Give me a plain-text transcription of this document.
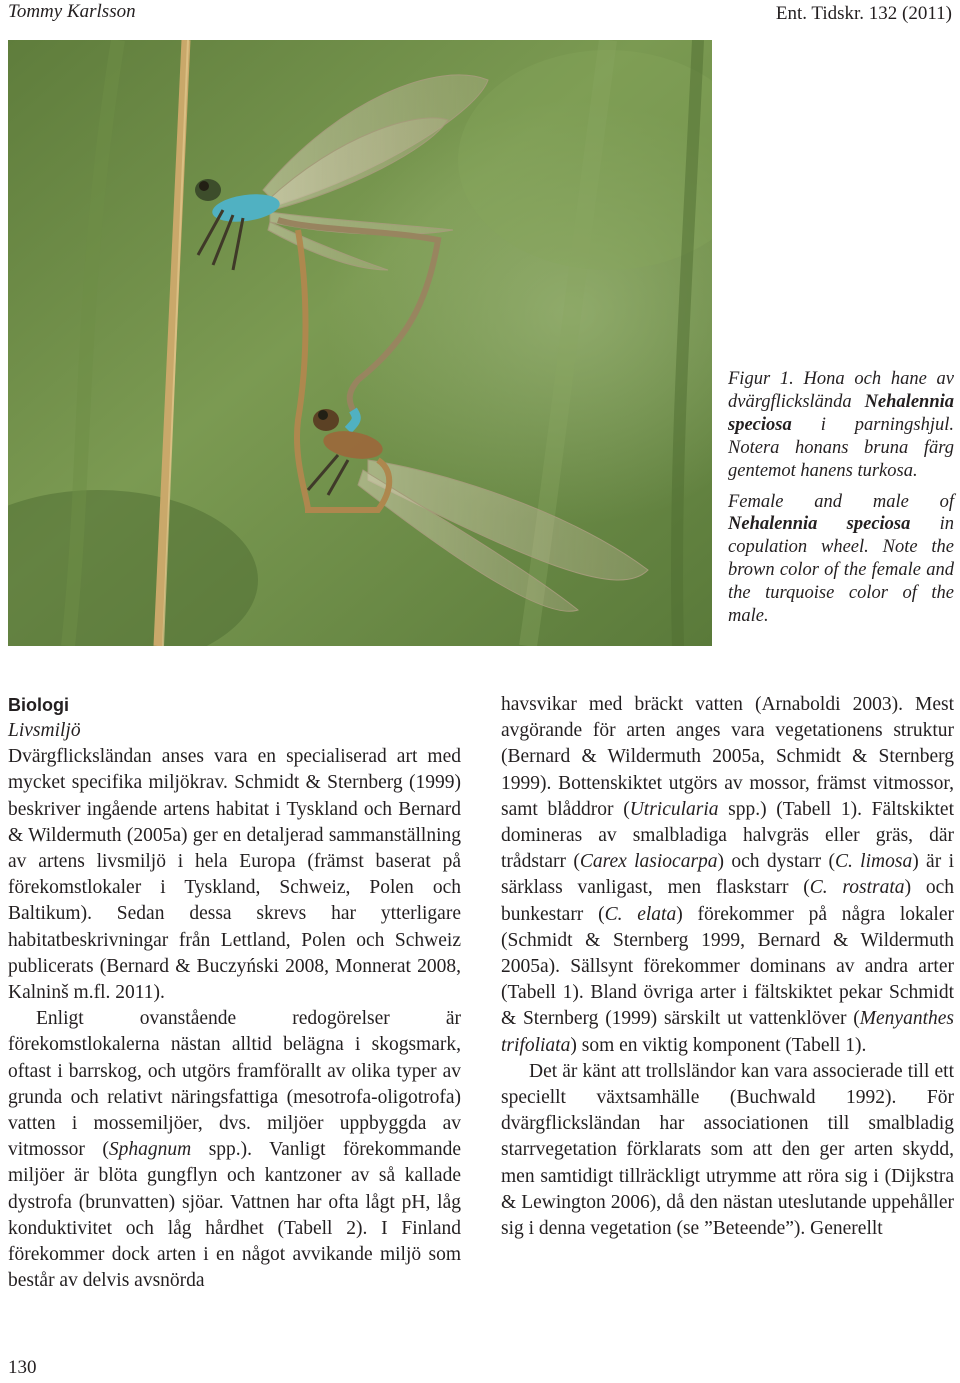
Tommy Karlsson	Ent. Tidskr. 132 (2011)

Figur 1. Hona och hane av dvärgflickslända Nehalennia speciosa i parningshjul. Notera honans bruna färg gentemot hanens turkosa.

Female and male of Nehalennia speciosa in copulation wheel. Note the brown color of the female and the turquoise color of the male.

Biologi
Livsmiljö

Dvärgflicksländan anses vara en specialiserad art med mycket specifika miljökrav. Schmidt & Sternberg (1999) beskriver ingående artens habitat i Tyskland och Bernard & Wildermuth (2005a) ger en detaljerad sammanställning av artens livsmiljö i hela Europa (främst baserat på förekomstlokaler i Tyskland, Schweiz, Polen och Baltikum). Sedan dessa skrevs har ytterligare habitatbeskrivningar från Lettland, Polen och Schweiz publicerats (Bernard & Buczyński 2008, Monnerat 2008, Kalninš m.fl. 2011).

Enligt ovanstående redogörelser är förekomstlokalerna nästan alltid belägna i skogsmark, oftast i barrskog, och utgörs framförallt av olika typer av grunda och relativt näringsfattiga (mesotrofa-oligotrofa) vatten i mossemiljöer, dvs. miljöer uppbyggda av vitmossor (Sphagnum spp.). Vanligt förekommande miljöer är blöta gungflyn och kantzoner av så kallade dystrofa (brunvatten) sjöar. Vattnen har ofta lågt pH, låg konduktivitet och låg hårdhet (Tabell 2). I Finland förekommer dock arten i en något avvikande miljö som består av delvis avsnörda

havsvikar med bräckt vatten (Arnaboldi 2003). Mest avgörande för arten anges vara vegetationens struktur (Bernard & Wildermuth 2005a, Schmidt & Sternberg 1999). Bottenskiktet utgörs av mossor, främst vitmossor, samt blåddror (Utricularia spp.) (Tabell 1). Fältskiktet domineras av smalbladiga halvgräs eller gräs, där trådstarr (Carex lasiocarpa) och dystarr (C. limosa) är i särklass vanligast, men flaskstarr (C. rostrata) och bunkestarr (C. elata) förekommer på några lokaler (Schmidt & Sternberg 1999, Bernard & Wildermuth 2005a). Sällsynt förekommer dominans av andra arter (Tabell 1). Bland övriga arter i fältskiktet pekar Schmidt & Sternberg (1999) särskilt ut vattenklöver (Menyanthes trifoliata) som en viktig komponent (Tabell 1).

Det är känt att trollsländor kan vara associerade till ett speciellt växtsamhälle (Buchwald 1992). För dvärgflicksländan har associationen till smalbladig starrvegetation förklarats som att den ger arten skydd, men samtidigt tillräckligt utrymme att röra sig i (Dijkstra & Lewington 2006), då den nästan uteslutande uppehåller sig i denna vegetation (se ”Beteende”). Generellt

130
